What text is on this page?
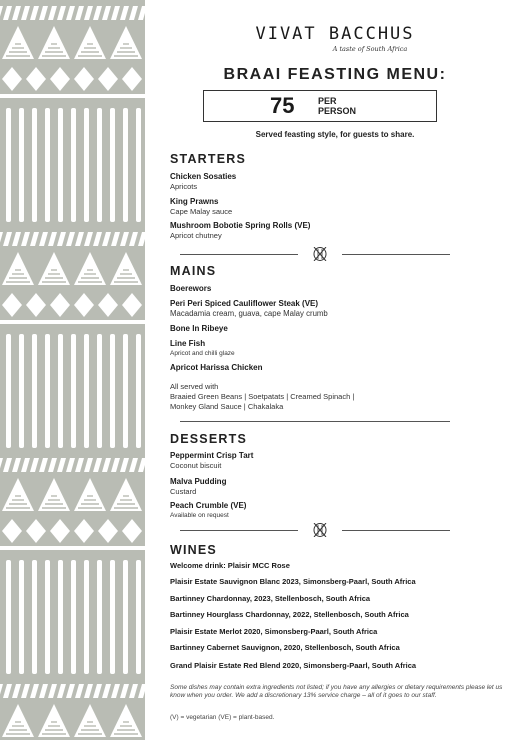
VIVAT BACCHUS
A taste of South Africa
BRAAI FEASTING MENU:
75	PER
PERSON
Served feasting style, for guests to share.
STARTERS
Chicken Sosaties
Apricots
King Prawns
Cape Malay sauce
Mushroom Bobotie Spring Rolls (VE)
Apricot chutney
MAINS
Boerewors
Peri Peri Spiced Cauliflower Steak (VE)
Macadamia cream, guava, cape Malay crumb
Bone In Ribeye
Line Fish
Apricot and chilli glaze
Apricot Harissa Chicken
All served with
Braaied Green Beans | Soetpatats | Creamed Spinach |
Monkey Gland Sauce | Chakalaka
DESSERTS
Peppermint Crisp Tart
Coconut biscuit
Malva Pudding
Custard
Peach Crumble (VE)
Available on request
WINES
Welcome drink: Plaisir MCC Rose
Plaisir Estate Sauvignon Blanc 2023, Simonsberg-Paarl, South Africa
Bartinney Chardonnay, 2023, Stellenbosch, South Africa
Bartinney Hourglass Chardonnay, 2022, Stellenbosch, South Africa
Plaisir Estate Merlot 2020, Simonsberg-Paarl, South Africa
Bartinney Cabernet Sauvignon, 2020, Stellenbosch, South Africa
Grand Plaisir Estate Red Blend 2020, Simonsberg-Paarl, South Africa
Some dishes may contain extra ingredients not listed; if you have any allergies or dietary requirements please let us know when you order. We add a discretionary 13% service charge – all of it goes to our staff.
(V) = vegetarian (VE) = plant-based.
